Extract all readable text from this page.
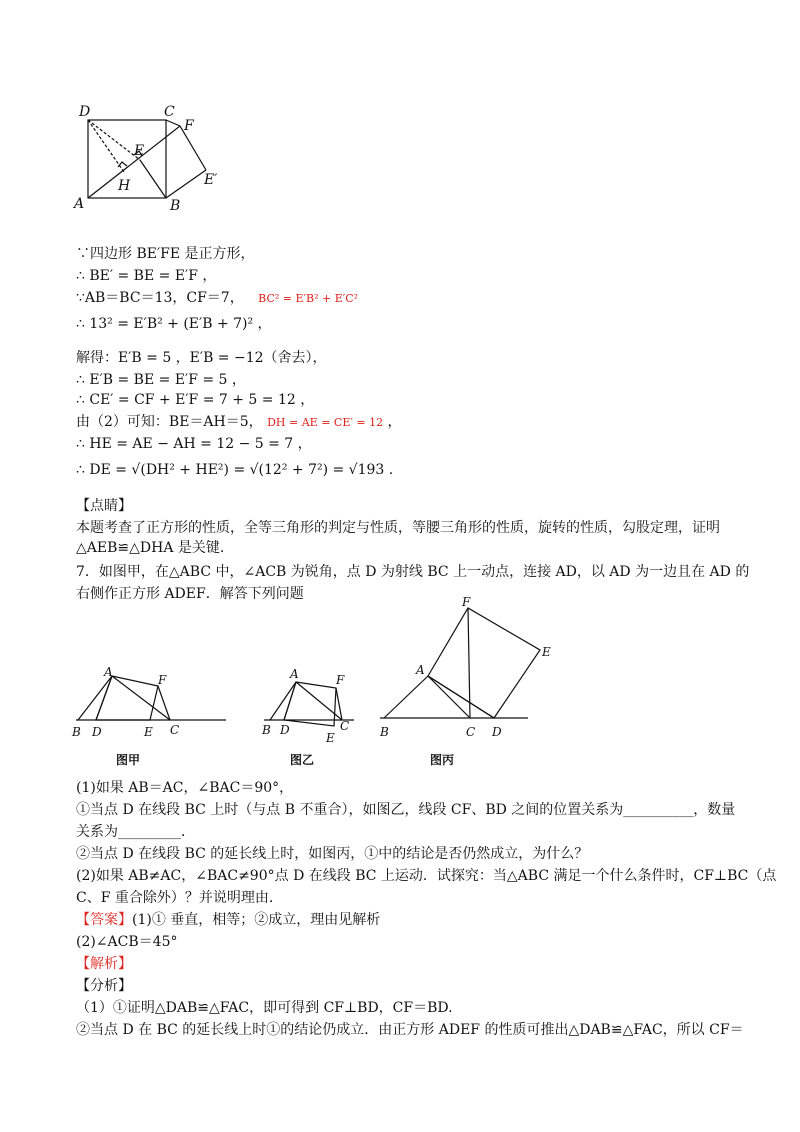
D	C
F
E
H	E′
A	B
∵四边形 BE′FE 是正方形，
∴ BE′ = BE = E′F ，
∵AB＝BC＝13，CF＝7， BC² = E′B² + E′C²
∴ 13² = E′B² + (E′B + 7)² ，
解得：E′B = 5 ，E′B = −12（舍去），
∴ E′B = BE = E′F = 5 ，
∴ CE′ = CF + E′F = 7 + 5 = 12 ，
由（2）可知：BE＝AH＝5， DH = AE = CE′ = 12 ，
∴ HE = AE − AH = 12 − 5 = 7 ，
∴ DE = √(DH² + HE²) = √(12² + 7²) = √193 .
【点睛】
本题考查了正方形的性质，全等三角形的判定与性质，等腰三角形的性质，旋转的性质，勾股定理，证明△AEB≌△DHA 是关键.
7．如图甲，在△ABC 中，∠ACB 为锐角，点 D 为射线 BC 上一动点，连接 AD，以 AD 为一边且在 AD 的
右侧作正方形 ADEF．解答下列问题
A
F
B D	E C
图甲
A	F
B D	C
E
图乙
A
F
E
B	C D
图丙
(1)如果 AB＝AC，∠BAC＝90°，
①当点 D 在线段 BC 上时（与点 B 不重合），如图乙，线段 CF、BD 之间的位置关系为__________，数量
关系为_________．
②当点 D 在线段 BC 的延长线上时，如图丙，①中的结论是否仍然成立，为什么？
(2)如果 AB≠AC，∠BAC≠90°点 D 在线段 BC 上运动．试探究：当△ABC 满足一个什么条件时，CF⊥BC（点
C、F 重合除外）？并说明理由.
【答案】(1)① 垂直，相等；②成立，理由见解析
(2)∠ACB＝45°
【解析】
【分析】
（1）①证明△DAB≌△FAC，即可得到 CF⊥BD，CF＝BD.
②当点 D 在 BC 的延长线上时①的结论仍成立．由正方形 ADEF 的性质可推出△DAB≌△FAC，所以 CF＝
